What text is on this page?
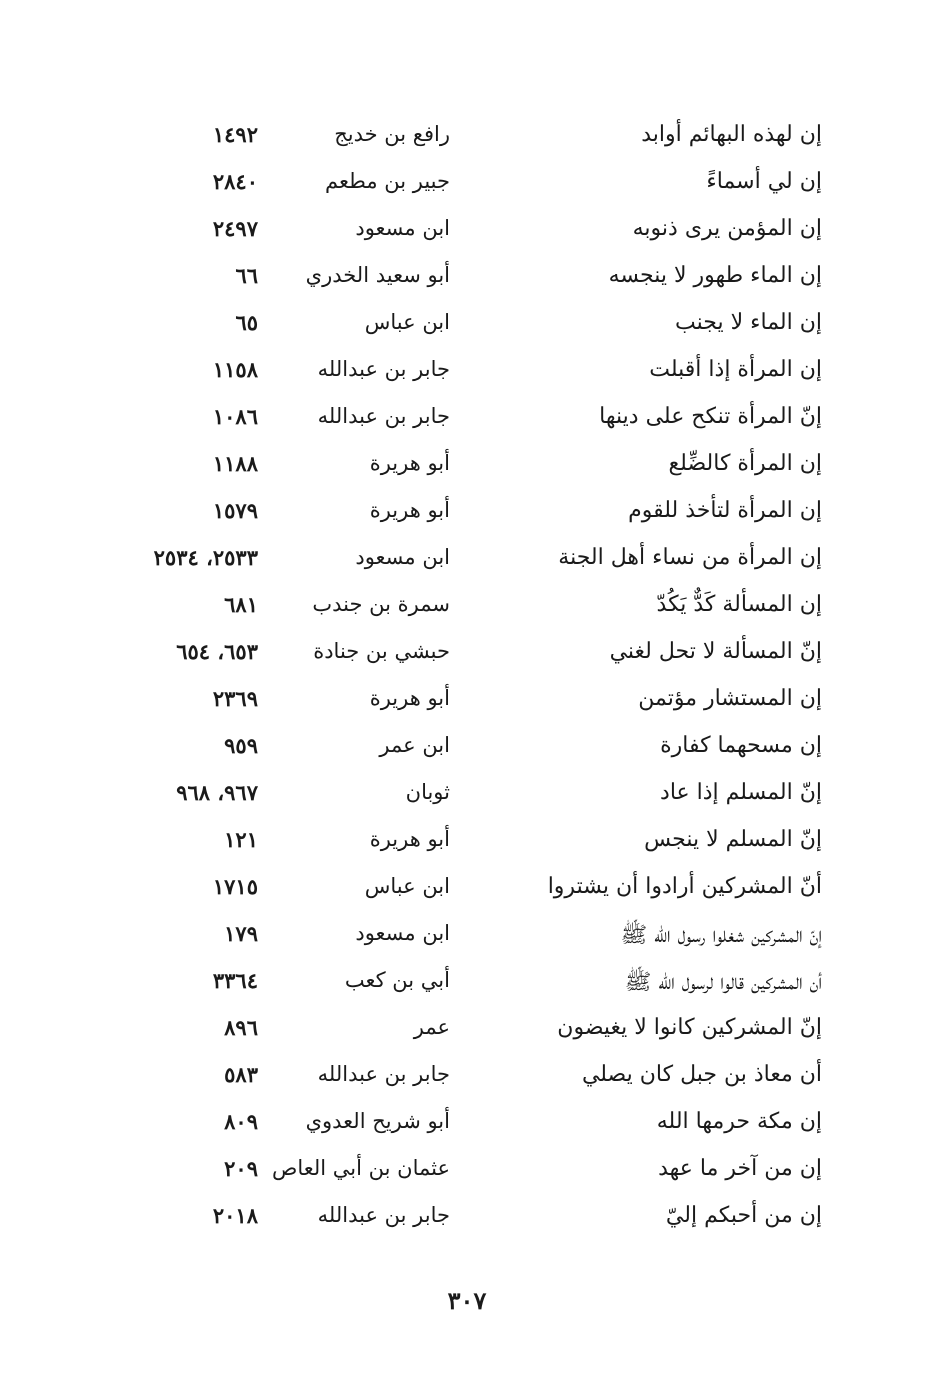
إن لهذه البهائم أوابد
رافع بن خديج
١٤٩٢
إن لي أسماءً
جبير بن مطعم
٢٨٤٠
إن المؤمن يرى ذنوبه
ابن مسعود
٢٤٩٧
إن الماء طهور لا ينجسه
أبو سعيد الخدري
٦٦
إن الماء لا يجنب
ابن عباس
٦٥
إن المرأة إذا أقبلت
جابر بن عبدالله
١١٥٨
إنّ المرأة تنكح على دينها
جابر بن عبدالله
١٠٨٦
إن المرأة كالضِّلع
أبو هريرة
١١٨٨
إن المرأة لتأخذ للقوم
أبو هريرة
١٥٧٩
إن المرأة من نساء أهل الجنة
ابن مسعود
٢٥٣٣، ٢٥٣٤
إن المسألة كَدٌّ يَكُدّ
سمرة بن جندب
٦٨١
إنّ المسألة لا تحل لغني
حبشي بن جنادة
٦٥٣، ٦٥٤
إن المستشار مؤتمن
أبو هريرة
٢٣٦٩
إن مسحهما كفارة
ابن عمر
٩٥٩
إنّ المسلم إذا عاد
ثوبان
٩٦٧، ٩٦٨
إنّ المسلم لا ينجس
أبو هريرة
١٢١
أنّ المشركين أرادوا أن يشتروا
ابن عباس
١٧١٥
إنّ المشركين شغلوا رسول الله ﷺ
ابن مسعود
١٧٩
أن المشركين قالوا لرسول الله ﷺ
أبي بن كعب
٣٣٦٤
إنّ المشركين كانوا لا يغيضون
عمر
٨٩٦
أن معاذ بن جبل كان يصلي
جابر بن عبدالله
٥٨٣
إن مكة حرمها الله
أبو شريح العدوي
٨٠٩
إن من آخر ما عهد
عثمان بن أبي العاص
٢٠٩
إن من أحبكم إليّ
جابر بن عبدالله
٢٠١٨
٣٠٧
